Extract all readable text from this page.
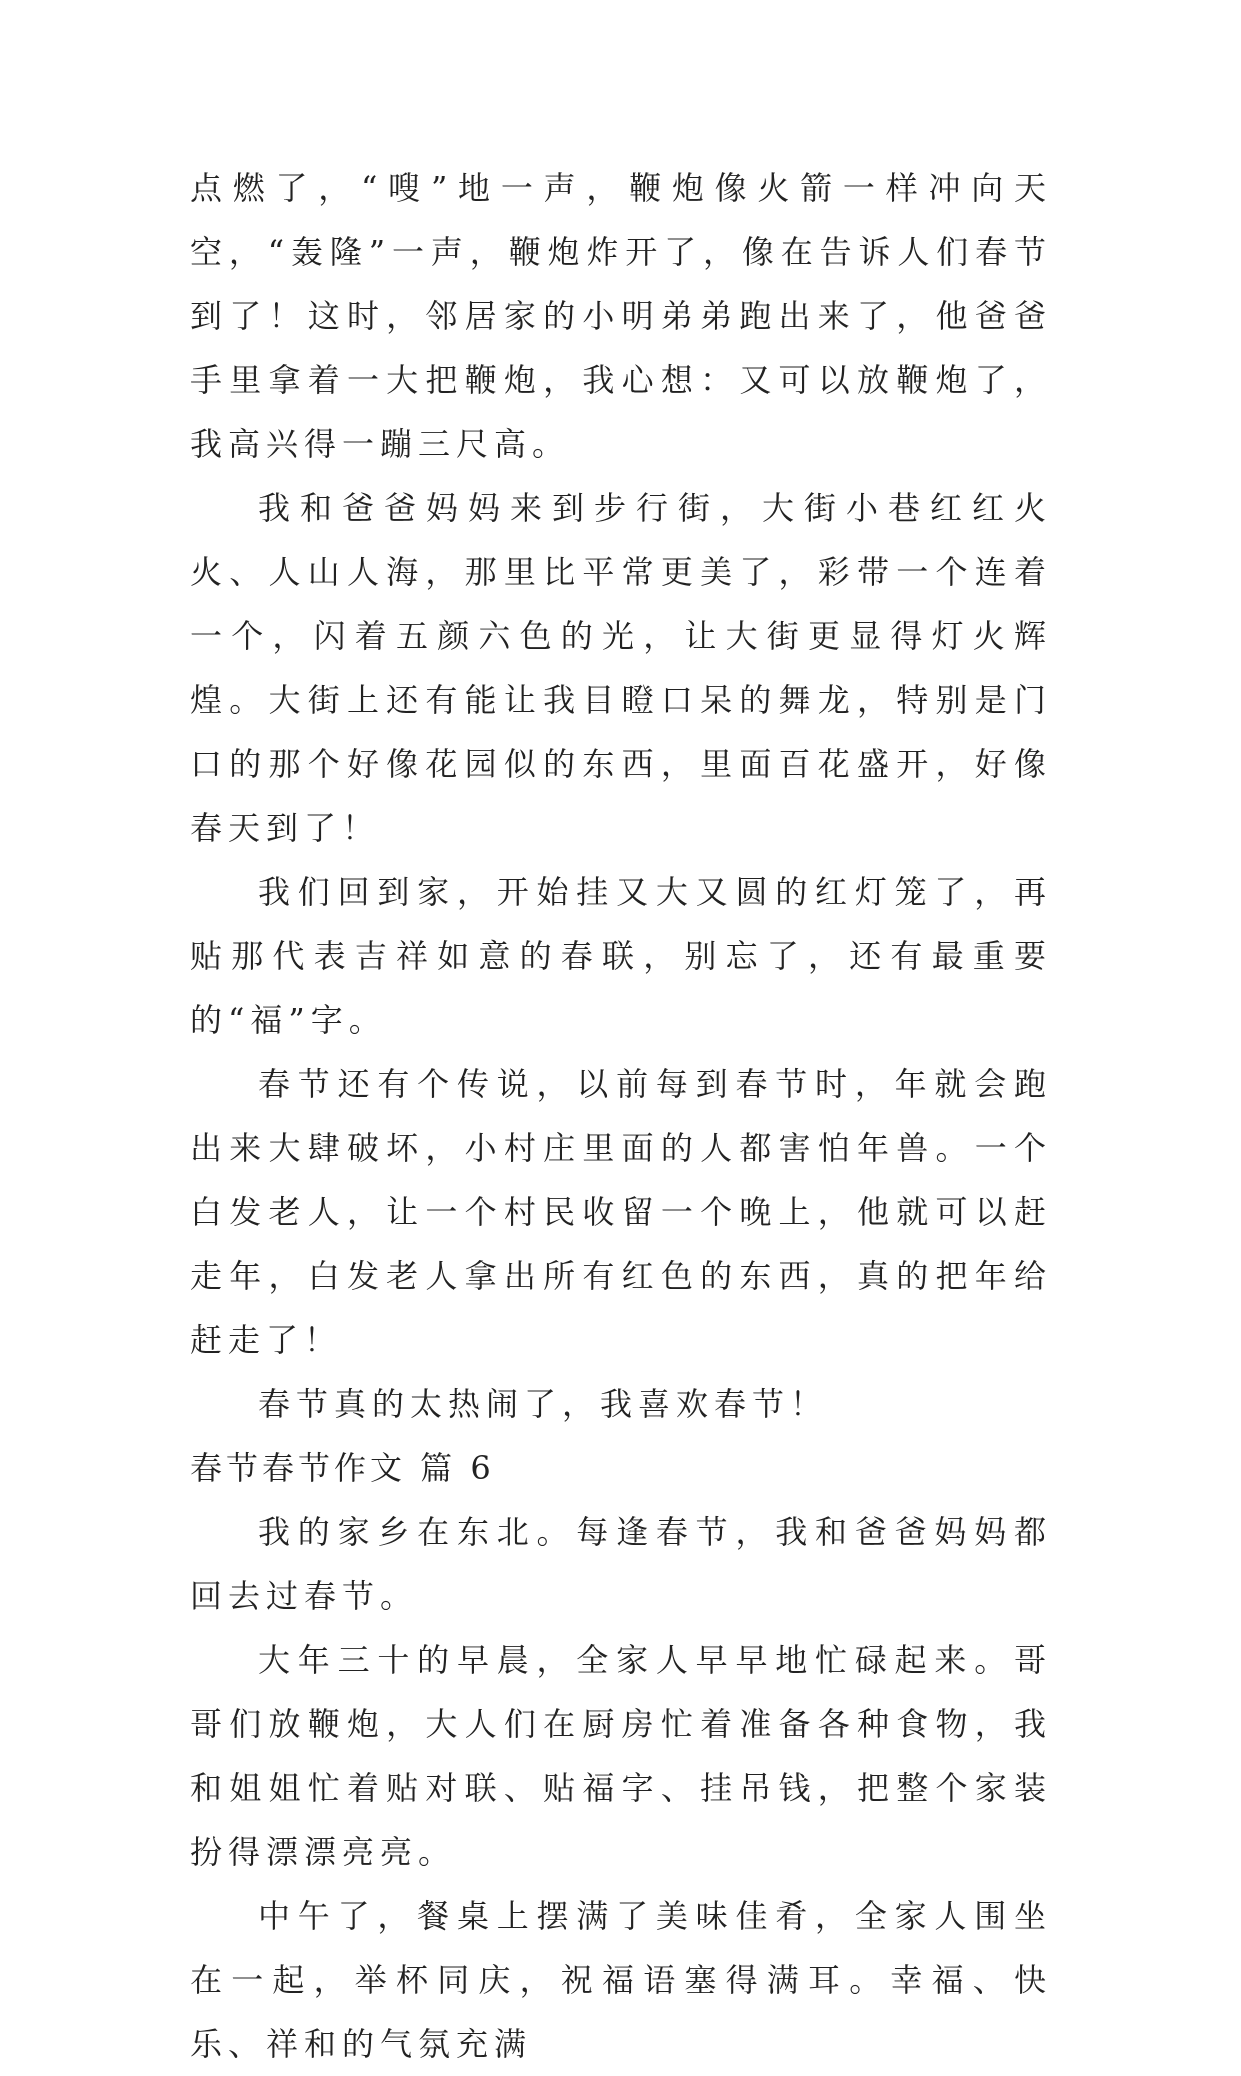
点燃了，“嗖”地一声，鞭炮像火箭一样冲向天空，“轰隆”一声，鞭炮炸开了，像在告诉人们春节到了！这时，邻居家的小明弟弟跑出来了，他爸爸手里拿着一大把鞭炮，我心想：又可以放鞭炮了，我高兴得一蹦三尺高。

我和爸爸妈妈来到步行街，大街小巷红红火火、人山人海，那里比平常更美了，彩带一个连着一个，闪着五颜六色的光，让大街更显得灯火辉煌。大街上还有能让我目瞪口呆的舞龙，特别是门口的那个好像花园似的东西，里面百花盛开，好像春天到了！

我们回到家，开始挂又大又圆的红灯笼了，再贴那代表吉祥如意的春联，别忘了，还有最重要的“福”字。

春节还有个传说，以前每到春节时，年就会跑出来大肆破坏，小村庄里面的人都害怕年兽。一个白发老人，让一个村民收留一个晚上，他就可以赶走年，白发老人拿出所有红色的东西，真的把年给赶走了！

春节真的太热闹了，我喜欢春节！

春节春节作文 篇 6

我的家乡在东北。每逢春节，我和爸爸妈妈都回去过春节。

大年三十的早晨，全家人早早地忙碌起来。哥哥们放鞭炮，大人们在厨房忙着准备各种食物，我和姐姐忙着贴对联、贴福字、挂吊钱，把整个家装扮得漂漂亮亮。

中午了，餐桌上摆满了美味佳肴，全家人围坐在一起，举杯同庆，祝福语塞得满耳。幸福、快乐、祥和的气氛充满
